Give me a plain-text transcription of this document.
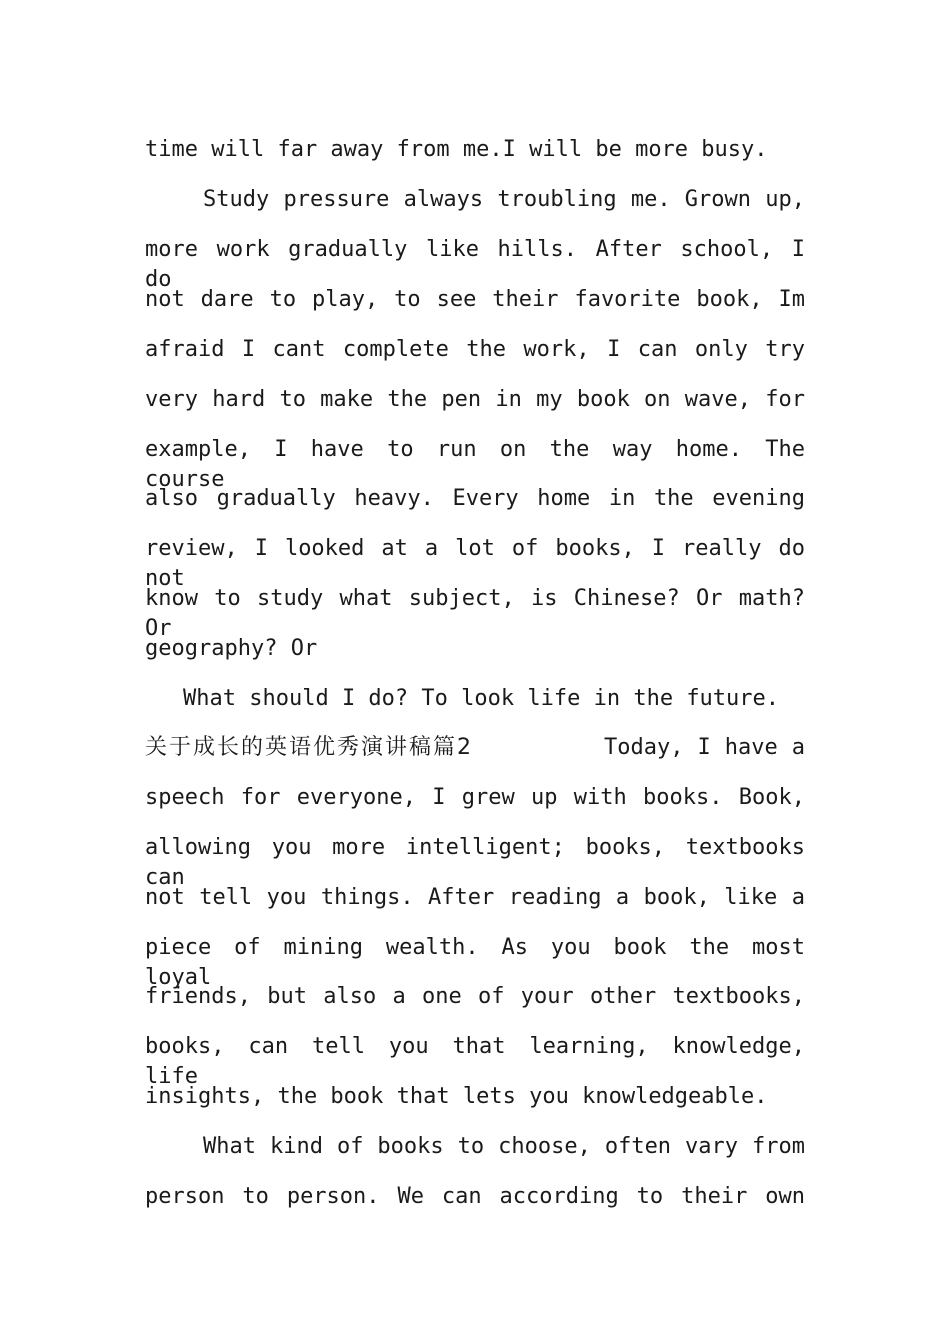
time will far away from me.I will be more busy.
Study pressure always troubling me. Grown up,
more work gradually like hills. After school, I do
not dare to play, to see their favorite book, Im
afraid I cant complete the work, I can only try
very hard to make the pen in my book on wave, for
example, I have to run on the way home. The course
also gradually heavy. Every home in the evening
review, I looked at a lot of books, I really do not
know to study what subject, is Chinese? Or math? Or
geography? Or
What should I do? To look life in the future.
关于成长的英语优秀演讲稿篇2	Today, I have a
speech for everyone, I grew up with books. Book,
allowing you more intelligent; books, textbooks can
not tell you things. After reading a book, like a
piece of mining wealth. As you book the most loyal
friends, but also a one of your other textbooks,
books, can tell you that learning, knowledge, life
insights, the book that lets you knowledgeable.
What kind of books to choose, often vary from
person to person. We can according to their own
